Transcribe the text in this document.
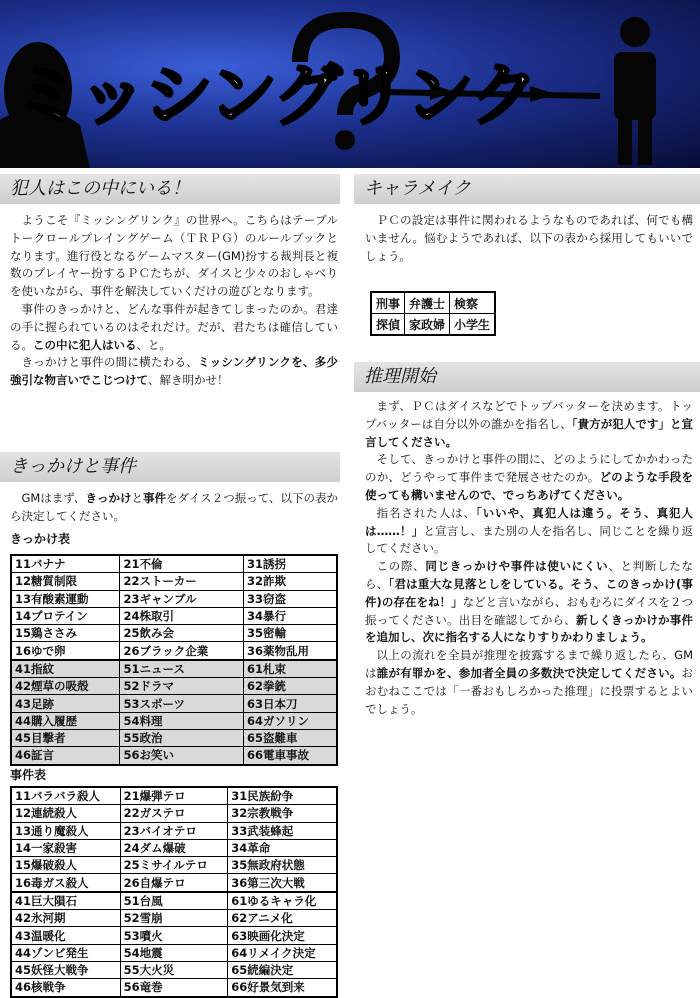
ミッシングリンク
犯人はこの中にいる！

ようこそ『ミッシングリンク』の世界へ。こちらはテーブルトークロールプレイングゲーム（ＴＲＰＧ）のルールブックとなります。進行役となるゲームマスター(GM)扮する裁判長と複数のプレイヤー扮するＰＣたちが、ダイスと少々のおしゃべりを使いながら、事件を解決していくだけの遊びとなります。

事件のきっかけと、どんな事件が起きてしまったのか。君達の手に握られているのはそれだけ。だが、君たちは確信している。この中に犯人はいる、と。

きっかけと事件の間に横たわる、ミッシングリンクを、多少強引な物言いでこじつけて、解き明かせ！

きっかけと事件

GMはまず、きっかけと事件をダイス２つ振って、以下の表から決定してください。

きっかけ表
11バナナ	21不倫	31誘拐
12糖質制限	22ストーカー	32詐欺
13有酸素運動	23ギャンブル	33窃盗
14プロテイン	24株取引	34暴行
15鶏ささみ	25飲み会	35密輸
16ゆで卵	26ブラック企業	36薬物乱用
41指紋	51ニュース	61札束
42煙草の吸殻	52ドラマ	62拳銃
43足跡	53スポーツ	63日本刀
44購入履歴	54料理	64ガソリン
45目撃者	55政治	65盗難車
46証言	56お笑い	66電車事故
事件表
11バラバラ殺人	21爆弾テロ	31民族紛争
12連続殺人	22ガステロ	32宗教戦争
13通り魔殺人	23バイオテロ	33武装蜂起
14一家殺害	24ダム爆破	34革命
15爆破殺人	25ミサイルテロ	35無政府状態
16毒ガス殺人	26自爆テロ	36第三次大戦
41巨大隕石	51台風	61ゆるキャラ化
42氷河期	52雪崩	62アニメ化
43温暖化	53噴火	63映画化決定
44ゾンビ発生	54地震	64リメイク決定
45妖怪大戦争	55大火災	65続編決定
46核戦争	56竜巻	66好景気到来
キャラメイク

ＰＣの設定は事件に関われるようなものであれば、何でも構いません。悩むようであれば、以下の表から採用してもいいでしょう。

刑事	弁護士	検察
探偵	家政婦	小学生
推理開始

まず、ＰＣはダイスなどでトップバッターを決めます。トップバッターは自分以外の誰かを指名し、「貴方が犯人です」と宣言してください。

そして、きっかけと事件の間に、どのようにしてかかわったのか、どうやって事件まで発展させたのか。どのような手段を使っても構いませんので、でっちあげてください。

指名された人は、「いいや、真犯人は違う。そう、真犯人は……！」と宣言し、また別の人を指名し、同じことを繰り返してください。

この際、同じきっかけや事件は使いにくい、と判断したなら、「君は重大な見落としをしている。そう、このきっかけ(事件)の存在をね！」などと言いながら、おもむろにダイスを２つ振ってください。出目を確認してから、新しくきっかけか事件を追加し、次に指名する人になりすりかわりましょう。

以上の流れを全員が推理を披露するまで繰り返したら、GMは誰が有罪かを、参加者全員の多数決で決定してください。おおむねここでは「一番おもしろかった推理」に投票するとよいでしょう。
